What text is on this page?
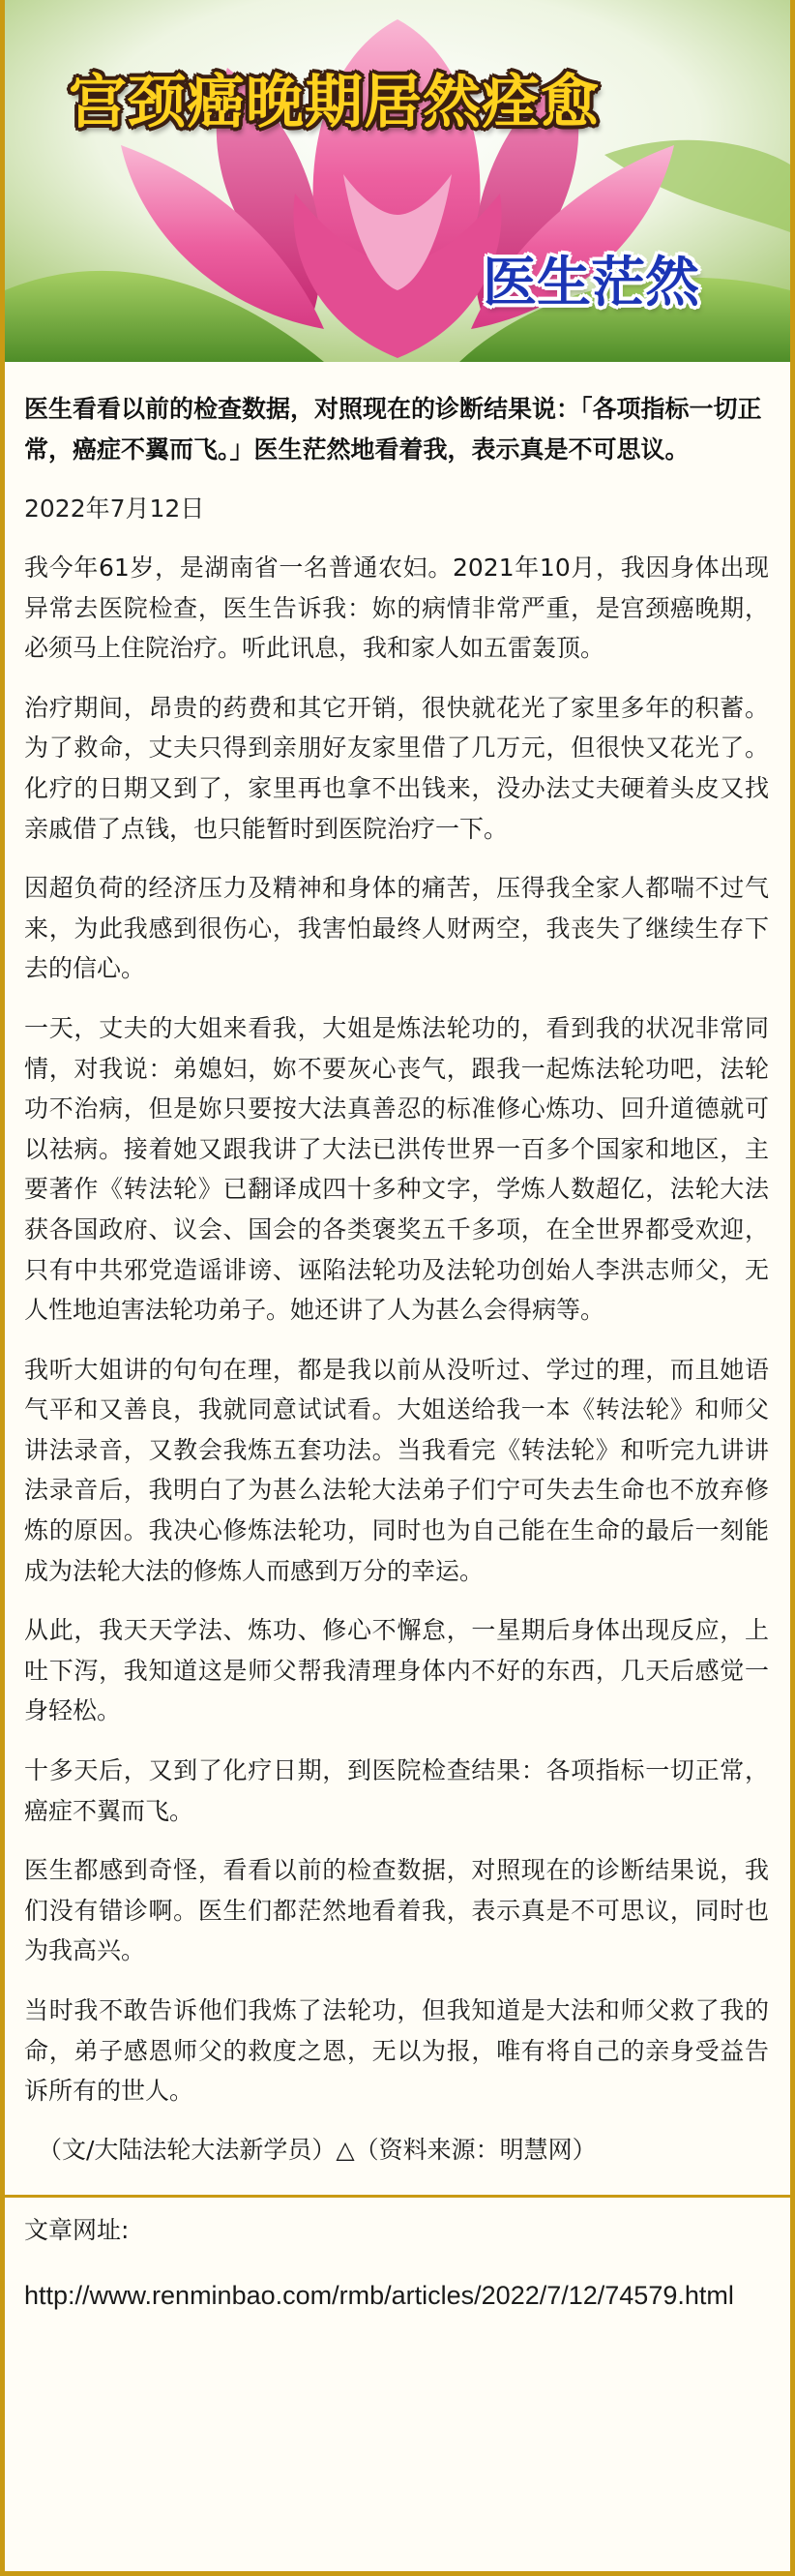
宫颈癌晚期居然痊愈
医生茫然

医生看看以前的检查数据，对照现在的诊断结果说：「各项指标一切正常，癌症不翼而飞。」医生茫然地看着我，表示真是不可思议。

2022年7月12日

我今年61岁，是湖南省一名普通农妇。2021年10月，我因身体出现异常去医院检查，医生告诉我：妳的病情非常严重，是宫颈癌晚期，必须马上住院治疗。听此讯息，我和家人如五雷轰顶。

治疗期间，昂贵的药费和其它开销，很快就花光了家里多年的积蓄。为了救命，丈夫只得到亲朋好友家里借了几万元，但很快又花光了。化疗的日期又到了，家里再也拿不出钱来，没办法丈夫硬着头皮又找亲戚借了点钱，也只能暂时到医院治疗一下。

因超负荷的经济压力及精神和身体的痛苦，压得我全家人都喘不过气来，为此我感到很伤心，我害怕最终人财两空，我丧失了继续生存下去的信心。

一天，丈夫的大姐来看我，大姐是炼法轮功的，看到我的状况非常同情，对我说：弟媳妇，妳不要灰心丧气，跟我一起炼法轮功吧，法轮功不治病，但是妳只要按大法真善忍的标准修心炼功、回升道德就可以祛病。接着她又跟我讲了大法已洪传世界一百多个国家和地区，主要著作《转法轮》已翻译成四十多种文字，学炼人数超亿，法轮大法获各国政府、议会、国会的各类褒奖五千多项，在全世界都受欢迎，只有中共邪党造谣诽谤、诬陷法轮功及法轮功创始人李洪志师父，无人性地迫害法轮功弟子。她还讲了人为甚么会得病等。

我听大姐讲的句句在理，都是我以前从没听过、学过的理，而且她语气平和又善良，我就同意试试看。大姐送给我一本《转法轮》和师父讲法录音，又教会我炼五套功法。当我看完《转法轮》和听完九讲讲法录音后，我明白了为甚么法轮大法弟子们宁可失去生命也不放弃修炼的原因。我决心修炼法轮功，同时也为自己能在生命的最后一刻能成为法轮大法的修炼人而感到万分的幸运。

从此，我天天学法、炼功、修心不懈怠，一星期后身体出现反应，上吐下泻，我知道这是师父帮我清理身体内不好的东西，几天后感觉一身轻松。

十多天后，又到了化疗日期，到医院检查结果：各项指标一切正常，癌症不翼而飞。

医生都感到奇怪，看看以前的检查数据，对照现在的诊断结果说，我们没有错诊啊。医生们都茫然地看着我，表示真是不可思议，同时也为我高兴。

当时我不敢告诉他们我炼了法轮功，但我知道是大法和师父救了我的命，弟子感恩师父的救度之恩，无以为报，唯有将自己的亲身受益告诉所有的世人。

（文/大陆法轮大法新学员）△（资料来源：明慧网）

文章网址:

http://www.renminbao.com/rmb/articles/2022/7/12/74579.html
